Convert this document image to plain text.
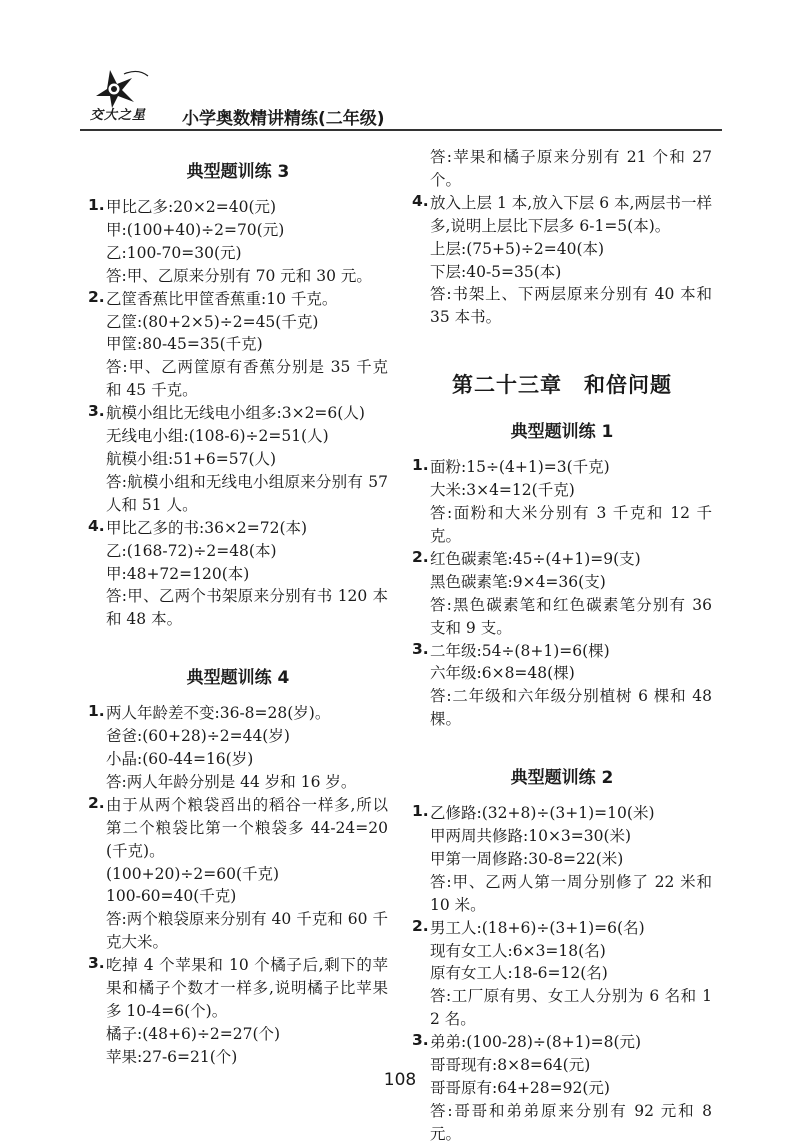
交大之星 小学奥数精讲精练(二年级)
典型题训练 3
1. 甲比乙多:20×2=40(元)
甲:(100+40)÷2=70(元)
乙:100-70=30(元)
答:甲、乙原来分别有 70 元和 30 元。
2. 乙筐香蕉比甲筐香蕉重:10 千克。
乙筐:(80+2×5)÷2=45(千克)
甲筐:80-45=35(千克)
答:甲、乙两筐原有香蕉分别是 35 千克和 45 千克。
3. 航模小组比无线电小组多:3×2=6(人)
无线电小组:(108-6)÷2=51(人)
航模小组:51+6=57(人)
答:航模小组和无线电小组原来分别有 57 人和 51 人。
4. 甲比乙多的书:36×2=72(本)
乙:(168-72)÷2=48(本)
甲:48+72=120(本)
答:甲、乙两个书架原来分别有书 120 本和 48 本。
典型题训练 4
1. 两人年龄差不变:36-8=28(岁)。
爸爸:(60+28)÷2=44(岁)
小晶:(60-44=16(岁)
答:两人年龄分别是 44 岁和 16 岁。
2. 由于从两个粮袋舀出的稻谷一样多,所以第二个粮袋比第一个粮袋多 44-24=20 (千克)。
(100+20)÷2=60(千克)
100-60=40(千克)
答:两个粮袋原来分别有 40 千克和 60 千克大米。
3. 吃掉 4 个苹果和 10 个橘子后,剩下的苹果和橘子个数才一样多,说明橘子比苹果多 10-4=6(个)。
橘子:(48+6)÷2=27(个)
苹果:27-6=21(个)
答:苹果和橘子原来分别有 21 个和 27 个。
4. 放入上层 1 本,放入下层 6 本,两层书一样多,说明上层比下层多 6-1=5(本)。
上层:(75+5)÷2=40(本)
下层:40-5=35(本)
答:书架上、下两层原来分别有 40 本和 35 本书。
第二十三章　和倍问题
典型题训练 1
1. 面粉:15÷(4+1)=3(千克)
大米:3×4=12(千克)
答:面粉和大米分别有 3 千克和 12 千克。
2. 红色碳素笔:45÷(4+1)=9(支)
黑色碳素笔:9×4=36(支)
答:黑色碳素笔和红色碳素笔分别有 36 支和 9 支。
3. 二年级:54÷(8+1)=6(棵)
六年级:6×8=48(棵)
答:二年级和六年级分别植树 6 棵和 48 棵。
典型题训练 2
1. 乙修路:(32+8)÷(3+1)=10(米)
甲两周共修路:10×3=30(米)
甲第一周修路:30-8=22(米)
答:甲、乙两人第一周分别修了 22 米和 10 米。
2. 男工人:(18+6)÷(3+1)=6(名)
现有女工人:6×3=18(名)
原有女工人:18-6=12(名)
答:工厂原有男、女工人分别为 6 名和 12 名。
3. 弟弟:(100-28)÷(8+1)=8(元)
哥哥现有:8×8=64(元)
哥哥原有:64+28=92(元)
答:哥哥和弟弟原来分别有 92 元和 8 元。
108
